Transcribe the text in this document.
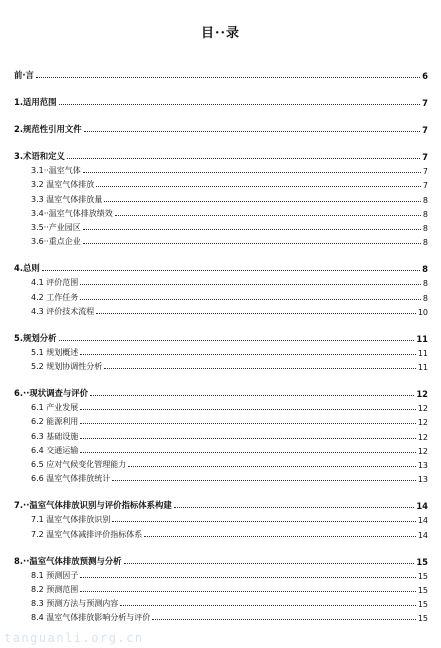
目··录
前·言	6
1.适用范围	7
2.规范性引用文件	7
3.术语和定义	7
3.1··温室气体	7
3.2 温室气体排放	7
3.3 温室气体排放量	8
3.4··温室气体排放绩效	8
3.5··产业园区	8
3.6··重点企业	8
4.总则	8
4.1 评价范围	8
4.2 工作任务	8
4.3 评价技术流程	10
5.规划分析	11
5.1 规划概述	11
5.2 规划协调性分析	11
6.··现状调查与评价	12
6.1 产业发展	12
6.2 能源利用	12
6.3 基础设施	12
6.4 交通运输	12
6.5 应对气候变化管理能力	13
6.6 温室气体排放统计	13
7.··温室气体排放识别与评价指标体系构建	14
7.1 温室气体排放识别	14
7.2 温室气体减排评价指标体系	14
8.··温室气体排放预测与分析	15
8.1 预测因子	15
8.2 预测范围	15
8.3 预测方法与预测内容	15
8.4 温室气体排放影响分析与评价	15
tanguanli.org.cn
